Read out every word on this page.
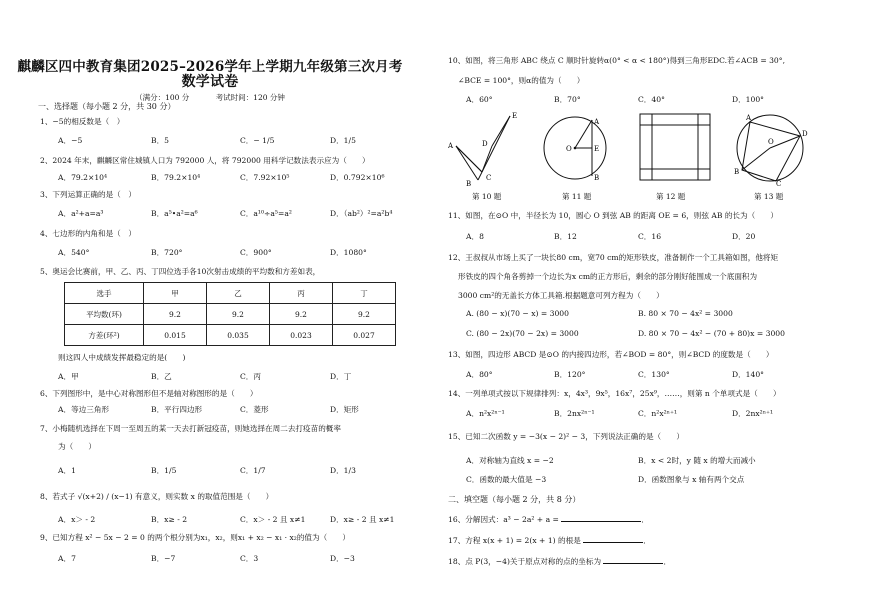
麒麟区四中教育集团2025–2026学年上学期九年级第三次月考
数学试卷
（满分：100 分	考试时间：120 分钟
一、选择题（每小题 2 分，共 30 分）
1、−5的相反数是（　）
A．−5	B．5	C．− 1/5	D．1/5
2、2024 年末，麒麟区常住城镇人口为 792000 人，将 792000 用科学记数法表示应为（　　）
A．79.2×10⁴	B．79.2×10⁴	C．7.92×10⁵	D．0.792×10⁶
3、下列运算正确的是（　）
A．a²+a=a³	B．a⁵•a²=a⁶	C．a¹⁰÷a⁵=a²	D．（ab²）²=a²b⁴
4、七边形的内角和是（　）
A．540°	B．720°	C．900°	D．1080°
5、奥运会比赛前，甲、乙、丙、丁四位选手各10次射击成绩的平均数和方差如表，
选手	甲	乙	丙	丁
平均数(环)	9.2	9.2	9.2	9.2
方差(环²)	0.015	0.035	0.023	0.027
则这四人中成绩发挥最稳定的是(　　)
A．甲	B．乙	C．丙	D．丁
6、下列图形中，是中心对称图形但不是轴对称图形的是（　　）
A．等边三角形	B．平行四边形	C．菱形	D．矩形
7、小梅随机选择在下周一至周五的某一天去打新冠疫苗，则她选择在周二去打疫苗的概率
为（　　）
A．1	B．1/5	C．1/7	D．1/3
8、若式子 √(x+2) / (x−1) 有意义，则实数 x 的取值范围是（　　）
A．x＞ - 2	B．x≥ - 2	C．x＞ - 2 且 x≠1	D．x≥ - 2 且 x≠1
9、已知方程 x² − 5x − 2 = 0 的两个根分别为x₁，x₂，则x₁ + x₂ − x₁ · x₂的值为（　　）
A．7	B．−7	C．3	D．−3
10、如图，将三角形 ABC 绕点 C 顺时针旋转α(0° < α < 180°)得到三角形EDC.若∠ACB = 30°,
∠BCE = 100°，则α的值为（　　）
A．60°	B．70°	C．40°	D．100°
A
B
C
D
E
第 10 题
A
O	E
B
第 11 题	第 12 题
A
B
C
D
O
第 13 题
11、如图，在⊙O 中，半径长为 10，圆心 O 到弦 AB 的距离 OE = 6，则弦 AB 的长为（　　）
A．8	B．12	C．16	D．20
12、王叔叔从市场上买了一块长80 cm，宽70 cm的矩形铁皮，准备制作一个工具箱如图，他将矩
形铁皮的四个角各剪掉一个边长为x cm的正方形后，剩余的部分刚好能围成一个底面积为
3000 cm²的无盖长方体工具箱.根据题意可列方程为（　　）
A. (80 − x)(70 − x) = 3000	B. 80 × 70 − 4x² = 3000
C. (80 − 2x)(70 − 2x) = 3000	D. 80 × 70 − 4x² − (70 + 80)x = 3000
13、如图，四边形 ABCD 是⊙O 的内接四边形，若∠BOD = 80°，则∠BCD 的度数是（　　）
A．80°	B．120°	C．130°	D．140°
14、一列单项式按以下规律排列：x，4x³，9x⁵，16x⁷，25x⁹，……，则第 n 个单项式是（　　）
A．n²x²ⁿ⁻¹	B．2nx²ⁿ⁻¹	C．n²x²ⁿ⁺¹	D．2nx²ⁿ⁺¹
15、已知二次函数 y = −3(x − 2)² − 3，下列说法正确的是（　　）
A．对称轴为直线 x = −2	B．x < 2时，y 随 x 的增大而减小
C．函数的最大值是 −3	D．函数图象与 x 轴有两个交点
二、填空题（每小题 2 分，共 8 分）
16、分解因式：a³ − 2a² + a =	．
17、方程 x(x + 1) = 2(x + 1) 的根是	．
18、点 P(3，−4)关于原点对称的点的坐标为	．
